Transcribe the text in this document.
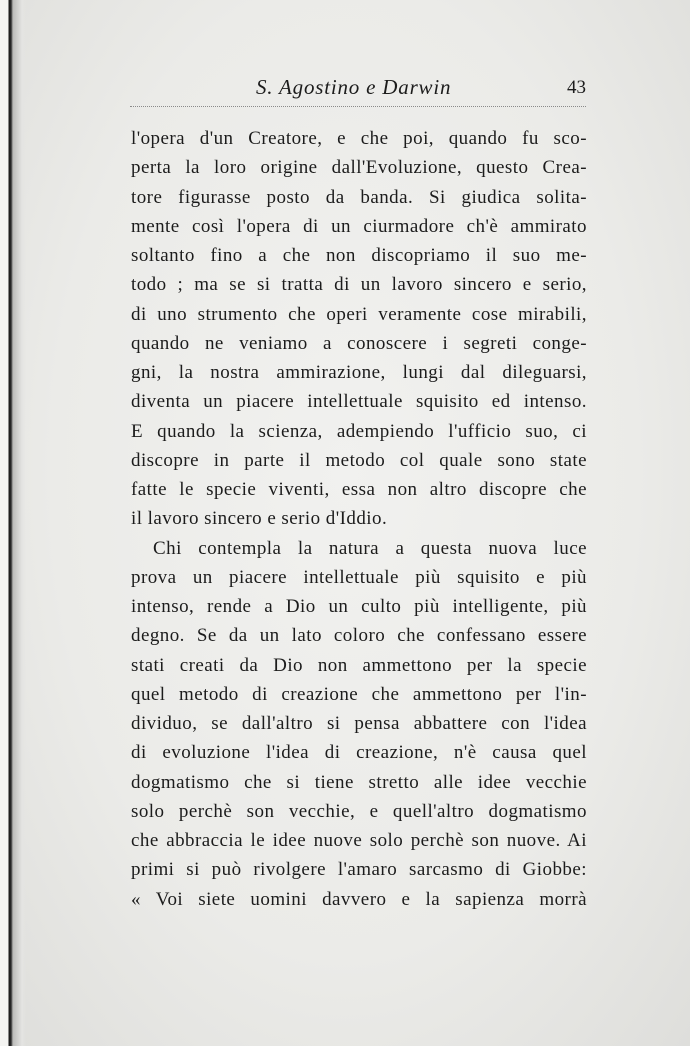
S. Agostino e Darwin	43
l'opera d'un Creatore, e che poi, quando fu sco-
perta la loro origine dall'Evoluzione, questo Crea-
tore figurasse posto da banda. Si giudica solita-
mente così l'opera di un ciurmadore ch'è ammirato
soltanto fino a che non discopriamo il suo me-
todo ; ma se si tratta di un lavoro sincero e serio,
di uno strumento che operi veramente cose mirabili,
quando ne veniamo a conoscere i segreti conge-
gni, la nostra ammirazione, lungi dal dileguarsi,
diventa un piacere intellettuale squisito ed intenso.
E quando la scienza, adempiendo l'ufficio suo, ci
discopre in parte il metodo col quale sono state
fatte le specie viventi, essa non altro discopre che
il lavoro sincero e serio d'Iddio.
Chi contempla la natura a questa nuova luce
prova un piacere intellettuale più squisito e più
intenso, rende a Dio un culto più intelligente, più
degno. Se da un lato coloro che confessano essere
stati creati da Dio non ammettono per la specie
quel metodo di creazione che ammettono per l'in-
dividuo, se dall'altro si pensa abbattere con l'idea
di evoluzione l'idea di creazione, n'è causa quel
dogmatismo che si tiene stretto alle idee vecchie
solo perchè son vecchie, e quell'altro dogmatismo
che abbraccia le idee nuove solo perchè son nuove. Ai
primi si può rivolgere l'amaro sarcasmo di Giobbe:
« Voi siete uomini davvero e la sapienza morrà
